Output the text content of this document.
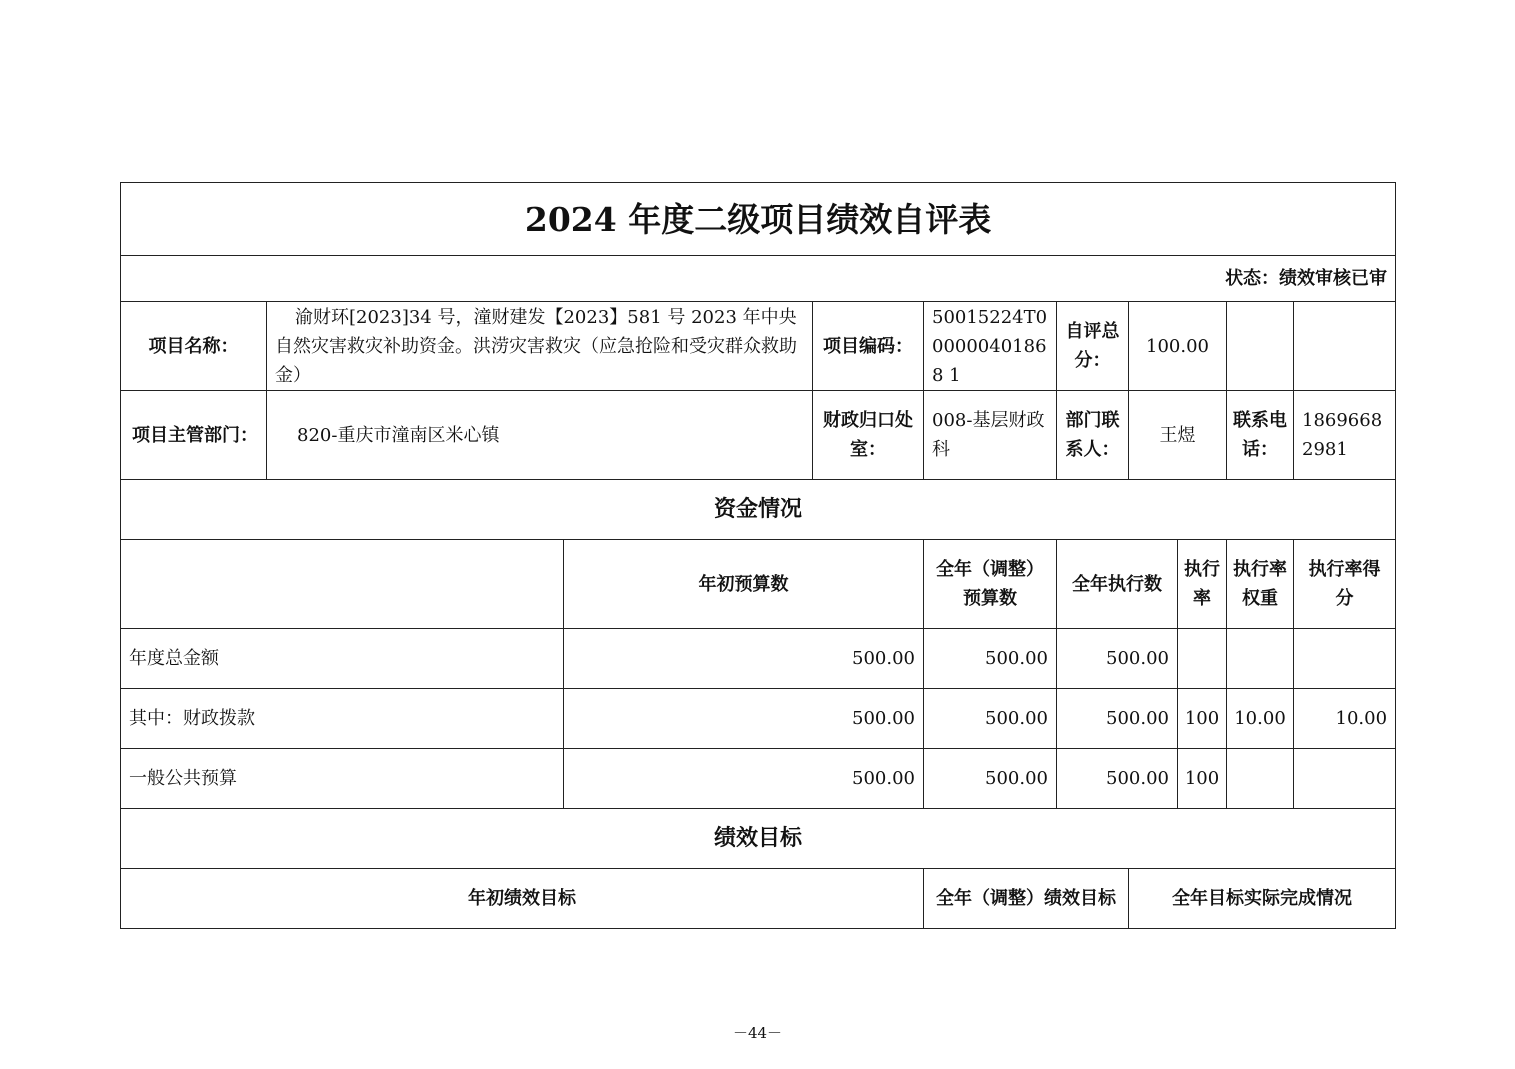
2024 年度二级项目绩效自评表									
状态：绩效审核已审									
项目名称：	渝财环[2023]34 号，潼财建发【2023】581 号 2023 年中央自然灾害救灾补助资金。洪涝灾害救灾（应急抢险和受灾群众救助金）		项目编码：	50015224T000000401868 1	自评总分：	100.00			
项目主管部门：	820-重庆市潼南区米心镇		财政归口处室：	008-基层财政科	部门联系人：	王煜		联系电话：	18696682981
资金情况									
		年初预算数		全年（调整）预算数	全年执行数		执行率	执行率权重	执行率得分
年度总金额		500.00		500.00	500.00				
其中：财政拨款		500.00		500.00	500.00		100	10.00	10.00
一般公共预算		500.00		500.00	500.00		100		
绩效目标									
年初绩效目标				全年（调整）绩效目标		全年目标实际完成情况			
－44－
